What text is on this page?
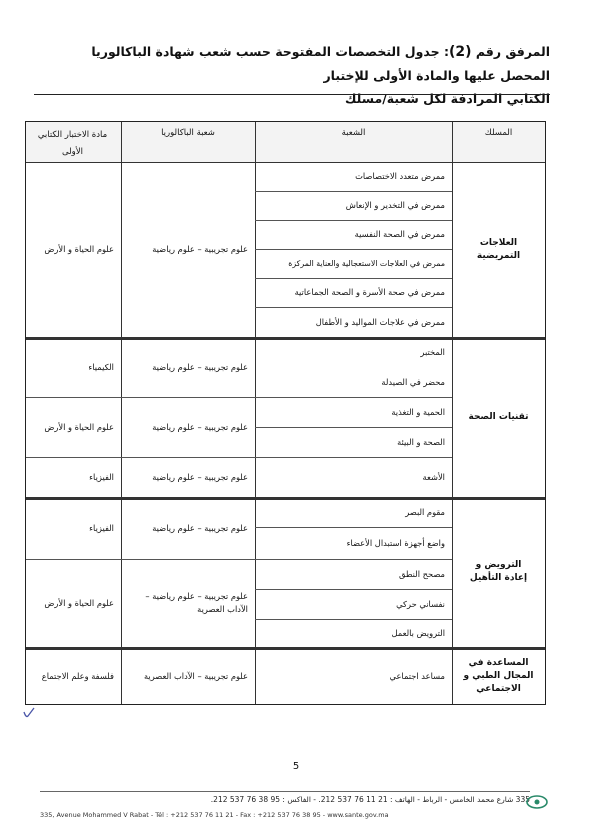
المرفق رقم (2): جدول التخصصات المفتوحة حسب شعب شهادة الباكالوريا المحصل عليها والمادة الأولى للإختبار
الكتابي المرادفة لكل شعبة/مسلك
المسلك
الشعبة
شعبة الباكالوريا
مادة الاختبار الكتابي الأولى
العلاجات التمريضية
ممرض متعدد الاختصاصات
ممرض في التخدير و الإنعاش
ممرض في الصحة النفسية
ممرض في العلاجات الاستعجالية والعناية المركزة
ممرض في صحة الأسرة و الصحة الجماعاتية
ممرض في علاجات المواليد و الأطفال
علوم تجريبية – علوم رياضية
علوم الحياة و الأرض
تقنيات الصحة
المختبر
محضر في الصيدلة
الحمية و التغذية
الصحة و البيئة
الأشعة
علوم تجريبية – علوم رياضية
الكيمياء
علوم تجريبية – علوم رياضية
علوم الحياة و الأرض
علوم تجريبية – علوم رياضية
الفيزياء
الترويض و إعادة التأهيل
مقوم البصر
واضع أجهزة استبدال الأعضاء
مصحح النطق
نفساني حركي
الترويض بالعمل
علوم تجريبية – علوم رياضية
الفيزياء
علوم تجريبية – علوم رياضية – الآداب العصرية
علوم الحياة و الأرض
المساعدة في المجال الطبي و الاجتماعي
مساعد اجتماعي
علوم تجريبية – الآداب العصرية
فلسفة وعلم الاجتماع
5
335 شارع محمد الخامس - الرباط - الهاتف : 21 11 76 537 212. - الفاكس : 95 38 76 537 212.
335, Avenue Mohammed V Rabat - Tél : +212 537 76 11 21 - Fax : +212 537 76 38 95 - www.sante.gov.ma
